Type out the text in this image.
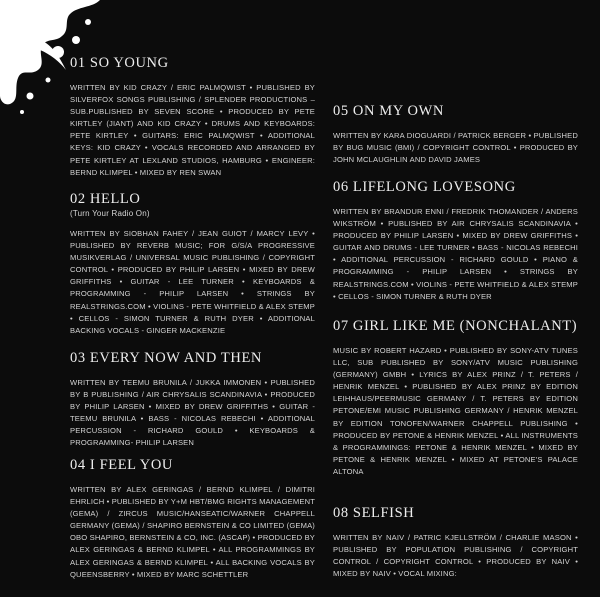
01 SO YOUNG

WRITTEN BY KID CRAZY / ERIC PALMQWIST • PUBLISHED BY SILVERFOX SONGS PUBLISHING / SPLENDER PRODUCTIONS – SUB.PUBLISHED BY SEVEN SCORE • PRODUCED BY PETE KIRTLEY (JIANT) AND KID CRAZY • DRUMS AND KEYBOARDS: PETE KIRTLEY • GUITARS: ERIC PALMQWIST • ADDITIONAL KEYS: KID CRAZY • VOCALS RECORDED AND ARRANGED BY PETE KIRTLEY AT LEXLAND STUDIOS, HAMBURG • ENGINEER: BERND KLIMPEL • MIXED BY REN SWAN

02 HELLO
(Turn Your Radio On)

WRITTEN BY SIOBHAN FAHEY / JEAN GUIOT / MARCY LEVY • PUBLISHED BY REVERB MUSIC; FOR G/S/A PROGRESSIVE MUSIKVERLAG / UNIVERSAL MUSIC PUBLISHING / COPYRIGHT CONTROL • PRODUCED BY PHILIP LARSEN • MIXED BY DREW GRIFFITHS • GUITAR - LEE TURNER • KEYBOARDS & PROGRAMMING - PHILIP LARSEN • STRINGS BY REALSTRINGS.COM • VIOLINS - PETE WHITFIELD & ALEX STEMP • CELLOS - SIMON TURNER & RUTH DYER • ADDITIONAL BACKING VOCALS - GINGER MACKENZIE

03 EVERY NOW AND THEN

WRITTEN BY TEEMU BRUNILA / JUKKA IMMONEN • PUBLISHED BY B PUBLISHING / AIR CHRYSALIS SCANDINAVIA • PRODUCED BY PHILIP LARSEN • MIXED BY DREW GRIFFITHS • GUITAR - TEEMU BRUNILA • BASS - NICOLAS REBECHI • ADDITIONAL PERCUSSION - RICHARD GOULD • KEYBOARDS & PROGRAMMING- PHILIP LARSEN

04 I FEEL YOU

WRITTEN BY ALEX GERINGAS / BERND KLIMPEL / DIMITRI EHRLICH • PUBLISHED BY Y+M HBT/BMG RIGHTS MANAGEMENT (GEMA) / ZIRCUS MUSIC/HANSEATIC/WARNER CHAPPELL GERMANY (GEMA) / SHAPIRO BERNSTEIN & CO LIMITED (GEMA) OBO SHAPIRO, BERNSTEIN & CO, INC. (ASCAP) • PRODUCED BY ALEX GERINGAS & BERND KLIMPEL • ALL PROGRAMMINGS BY ALEX GERINGAS & BERND KLIMPEL • ALL BACKING VOCALS BY QUEENSBERRY • MIXED BY MARC SCHETTLER

05 ON MY OWN

WRITTEN BY KARA DIOGUARDI / PATRICK BERGER • PUBLISHED BY BUG MUSIC (BMI) / COPYRIGHT CONTROL • PRODUCED BY JOHN MCLAUGHLIN AND DAVID JAMES

06 LIFELONG LOVESONG

WRITTEN BY BRANDUR ENNI / FREDRIK THOMANDER / ANDERS WIKSTRÖM • PUBLISHED BY AIR CHRYSALIS SCANDINAVIA • PRODUCED BY PHILIP LARSEN • MIXED BY DREW GRIFFITHS • GUITAR AND DRUMS - LEE TURNER • BASS - NICOLAS REBECHI • ADDITIONAL PERCUSSION - RICHARD GOULD • PIANO & PROGRAMMING - PHILIP LARSEN • STRINGS BY REALSTRINGS.COM • VIOLINS - PETE WHITFIELD & ALEX STEMP • CELLOS - SIMON TURNER & RUTH DYER

07 GIRL LIKE ME (NONCHALANT)

MUSIC BY ROBERT HAZARD • PUBLISHED BY SONY-ATV TUNES LLC, SUB PUBLISHED BY SONY/ATV MUSIC PUBLISHING (GERMANY) GMBH • LYRICS BY ALEX PRINZ / T. PETERS / HENRIK MENZEL • PUBLISHED BY ALEX PRINZ BY EDITION LEIHHAUS/PEERMUSIC GERMANY / T. PETERS BY EDITION PETONE/EMI MUSIC PUBLISHING GERMANY / HENRIK MENZEL BY EDITION TONOFEN/WARNER CHAPPELL PUBLISHING • PRODUCED BY PETONE & HENRIK MENZEL • ALL INSTRUMENTS & PROGRAMMINGS: PETONE & HENRIK MENZEL • MIXED BY PETONE & HENRIK MENZEL • MIXED AT PETONE'S PALACE ALTONA

08 SELFISH

WRITTEN BY NAIV / PATRIC KJELLSTRÖM / CHARLIE MASON • PUBLISHED BY POPULATION PUBLISHING / COPYRIGHT CONTROL / COPYRIGHT CONTROL • PRODUCED BY NAIV • MIXED BY NAIV • VOCAL MIXING:
